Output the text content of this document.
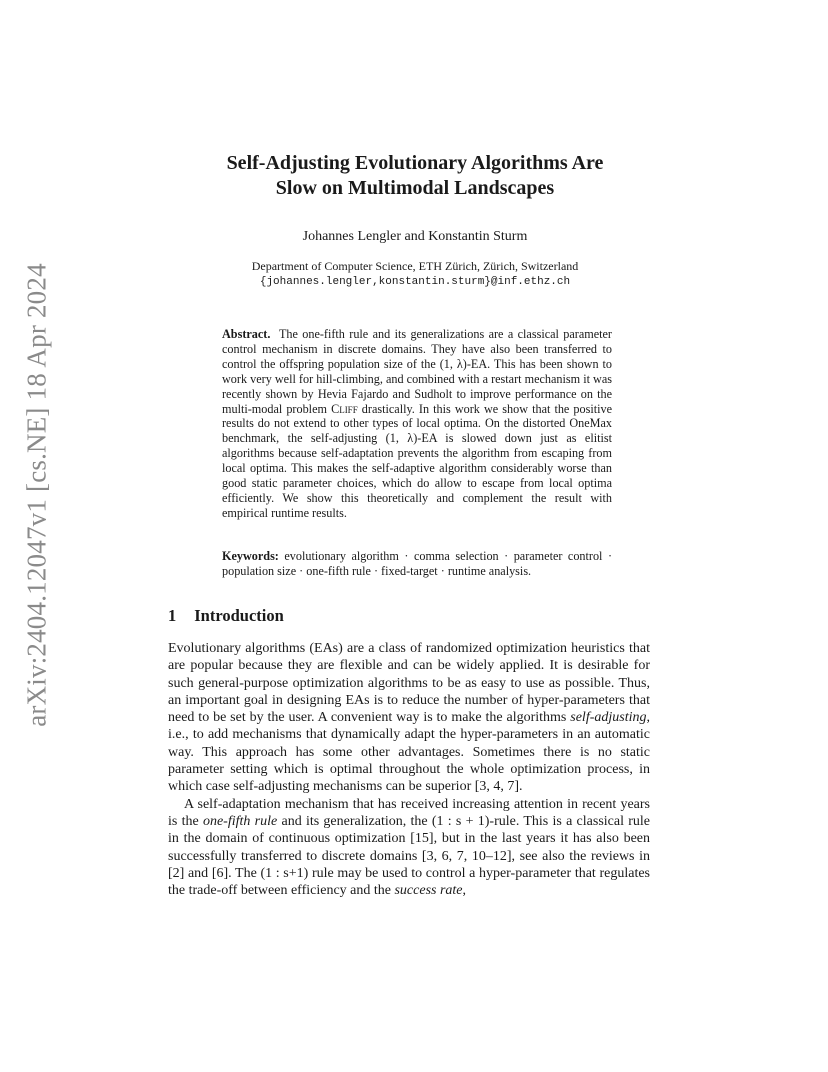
arXiv:2404.12047v1 [cs.NE] 18 Apr 2024
Self-Adjusting Evolutionary Algorithms Are
Slow on Multimodal Landscapes
Johannes Lengler and Konstantin Sturm
Department of Computer Science, ETH Zürich, Zürich, Switzerland
{johannes.lengler,konstantin.sturm}@inf.ethz.ch

Abstract. The one-fifth rule and its generalizations are a classical parameter control mechanism in discrete domains. They have also been transferred to control the offspring population size of the (1, λ)-EA. This has been shown to work very well for hill-climbing, and combined with a restart mechanism it was recently shown by Hevia Fajardo and Sudholt to improve performance on the multi-modal problem Cliff drastically. In this work we show that the positive results do not extend to other types of local optima. On the distorted OneMax benchmark, the self-adjusting (1, λ)-EA is slowed down just as elitist algorithms because self-adaptation prevents the algorithm from escaping from local optima. This makes the self-adaptive algorithm considerably worse than good static parameter choices, which do allow to escape from local optima efficiently. We show this theoretically and complement the result with empirical runtime results.

Keywords: evolutionary algorithm · comma selection · parameter control · population size · one-fifth rule · fixed-target · runtime analysis.

1 Introduction

Evolutionary algorithms (EAs) are a class of randomized optimization heuristics that are popular because they are flexible and can be widely applied. It is desirable for such general-purpose optimization algorithms to be as easy to use as possible. Thus, an important goal in designing EAs is to reduce the number of hyper-parameters that need to be set by the user. A convenient way is to make the algorithms self-adjusting, i.e., to add mechanisms that dynamically adapt the hyper-parameters in an automatic way. This approach has some other advantages. Sometimes there is no static parameter setting which is optimal throughout the whole optimization process, in which case self-adjusting mechanisms can be superior [3, 4, 7].

A self-adaptation mechanism that has received increasing attention in recent years is the one-fifth rule and its generalization, the (1 : s + 1)-rule. This is a classical rule in the domain of continuous optimization [15], but in the last years it has also been successfully transferred to discrete domains [3, 6, 7, 10–12], see also the reviews in [2] and [6]. The (1 : s+1) rule may be used to control a hyper-parameter that regulates the trade-off between efficiency and the success rate,
